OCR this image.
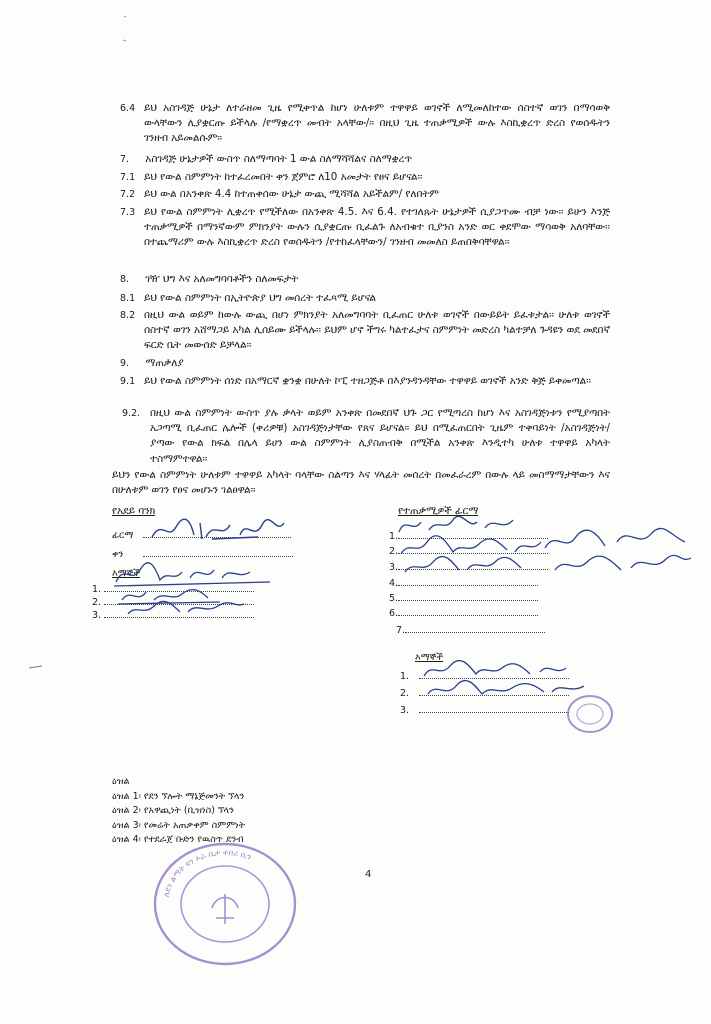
6.4 ይህ አስገዳጅ ሁኔታ ለተራዘመ ጊዜ የሚቀጥል ከሆነ ሁለቱም ተዋዋይ ወገኖች ለሚመለከተው ሰስተኛ ወገን በማሳወቅ ውላቸውን ሊያቋርጡ ይችላሉ /የማቋረጥ መብት አላቸው/፡፡ በዚህ ጊዜ ተጠቃሚዎች ውሉ እስኪቋረጥ ድረስ የወሰዱትን ገንዘብ አይመልሱም፡፡
7. አስገዳጅ ሁኔታዎች ውስጥ ስለማጣባት 1 ውል ስለማሻሻልና ስለማቋረጥ
7.1 ይህ የውል ስምምነት ከተፈረመበት ቀን ጀምሮ ለ10 አመታት የፀና ይሆናል፡፡
7.2 ይህ ውል በአንቀጽ 4.4 ከተጠቀሰው ሁኔታ ውጪ ሚሻሻል አይችልም/ የለበትም
7.3 ይህ የውል ስምምነት ሊቋረጥ የሚችለው በአንቀጽ 4.5. እና 6.4. የተገለጹት ሁኔታዎች ሲያጋጥሙ ብቻ ነው፡፡ ይሁን እንጅ ተጠቃሚዎች በማንኛውም ምክንያት ውሉን ሲያቋርጡ ቢፈልጉ ለአብቁተ ቢያንስ አንድ ወር ቀደሞው ማሳወቅ አለባቸው፡፡ በተጨማሪም ውሉ እስኪቋረጥ ድረስ የወሰዱትን /የተከፈላቸውን/ ገንዘብ መመለስ ይጠበቅባቸዋል፡፡
8. ገዥ ህግ እና አለመግባባቶችን ስለመፍታት
8.1 ይህ የውል ስምምነት በኢትዮጵያ ህግ መሰረት ተፈጻሚ ይሆናል
8.2 በዚህ ውል ወይም ከውሉ ውጪ በሆነ ምክንያት አለመግባባት ቢፈጠር ሁለቱ ወገኖች በውይይት ይፈቱታል፡፡ ሁለቱ ወገኖች ሰስተኛ ወገን አሸማጋይ አካል ሊሰይሙ ይችላሉ፡፡ ይህም ሆኖ ችግሩ ካልተፈታና ስምምነት መድረስ ካልተቻለ ጉዳዩን ወደ መደበኛ ፍርድ ቤት መውሰድ ይቻላል፡፡
9. ማጠቃለያ
9.1 ይህ የውል ስምምነት ሰነድ በአማርኛ ቋንቋ በሁለት ኮፒ ተዘጋጅቶ በእያንዳንዳቸው ተዋዋይ ወገኖች አንድ ቅጅ ይቀመጣል፡፡
9.2. በዚህ ውል ስምምነት ውስጥ ያሉ ቃላት ወይም አንቀጽ በመደበኛ ህጉ ጋር የሚጣረስ ከሆነ እና አስገዳጅነቱን የሚያጣበት አጋጣሚ ቢፈጠር ሌሎች (ቀሪዎቹ) አስገዳጅነታቸው የጸና ይሆናል፡፡ ይህ በሚፈጠርበት ጊዜም ተቀባይነት /አስገዳጅነት/ ያጣው የውል ክፍል በሌላ ይሀን ውል ስምምነት ሊያስጠብቅ በሚችል አንቀጽ እንዲተካ ሁለቱ ተዋዋይ አካላት ተስማምተዋል፡፡
ይህን የውል ስምምነት ሁለቱም ተዋዋይ አካላት ባላቸው ስልጣን እና ሃላፊት መሰረት በመፈራረም በውሉ ላይ መስማማታቸውን እና በሁለቱም ወገን የፀና መሆኑን ገልፀዋል፡፡
የአደይ ባንክ
ፊርማ
ቀን
እማኞች
1.
2.
3.
የተጠቃሚዎች ፊርማ
1.
2.
3.
4.
5.
6.
7.
እማኞች
1.
2.
3.
ለደን ልማት ዩን ኦራ ቢታ ተበሪ ቢን
ዕዝል
ዕዝል 1፡ የደን ኘሎት ማኔጅመንት ኘላን
ዕዝል 2፡ የአዋጪነት (ቢዝነስ) ኘላን
ዕዝል 3፡ የመሬት አጠቃቀም ስምምነት
ዕዝል 4፡ የተደራጀ ቡድን የዉስጥ ደንብ
4
